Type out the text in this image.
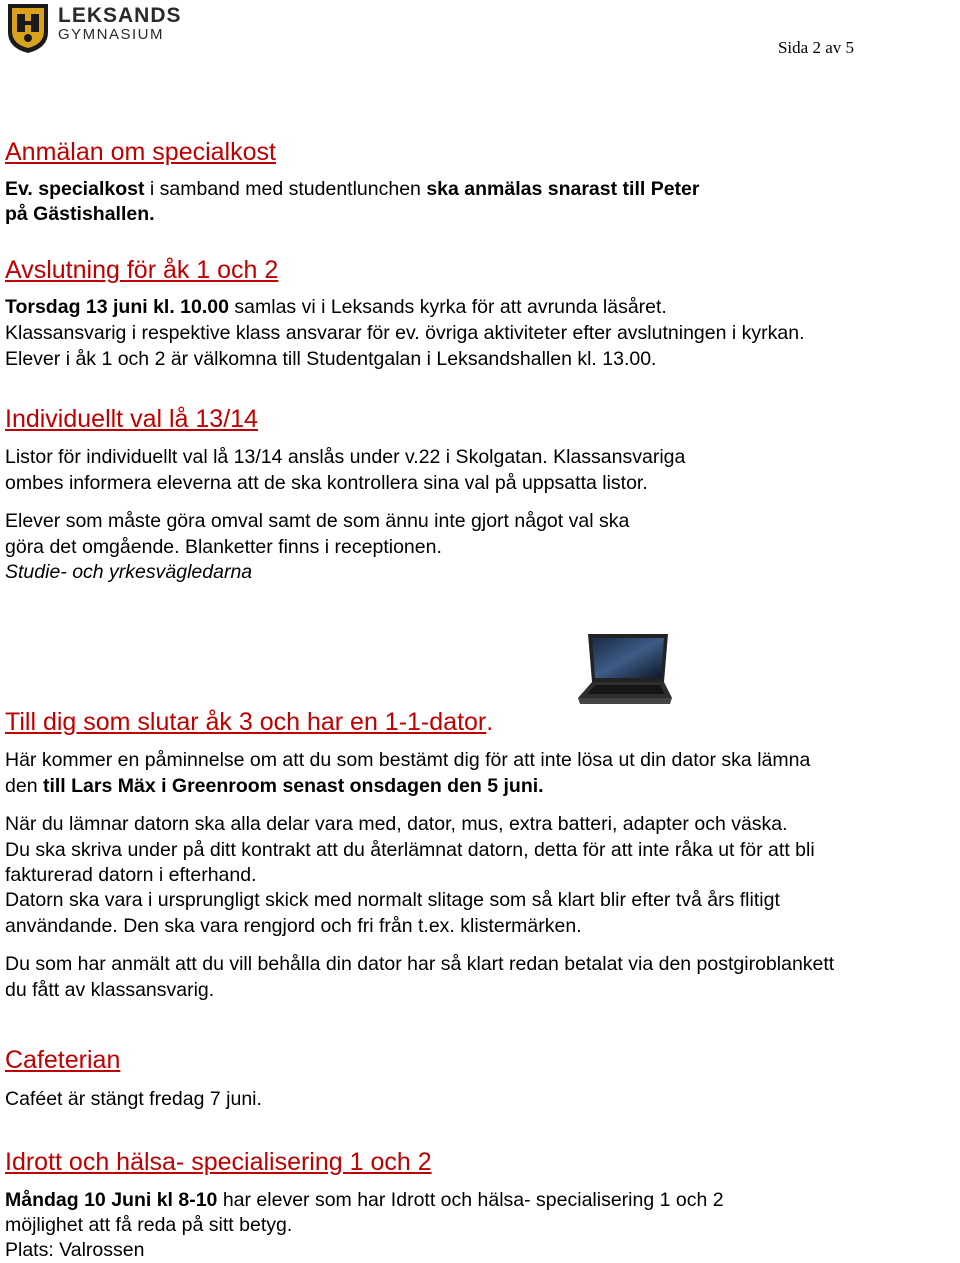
LEKSANDS
GYMNASIUM
Sida 2 av 5
Anmälan om specialkost
Ev. specialkost i samband med studentlunchen ska anmälas snarast till Peter
på Gästishallen.
Avslutning för åk 1 och 2
Torsdag 13 juni kl. 10.00 samlas vi i Leksands kyrka för att avrunda läsåret.
Klassansvarig i respektive klass ansvarar för ev. övriga aktiviteter efter avslutningen i kyrkan.
Elever i åk 1 och 2 är välkomna till Studentgalan i Leksandshallen kl. 13.00.
Individuellt val lå 13/14
Listor för individuellt val lå 13/14 anslås under v.22 i Skolgatan. Klassansvariga
ombes informera eleverna att de ska kontrollera sina val på uppsatta listor.
Elever som måste göra omval samt de som ännu inte gjort något val ska
göra det omgående. Blanketter finns i receptionen.
Studie- och yrkesvägledarna
Till dig som slutar åk 3 och har en 1-1-dator.
Här kommer en påminnelse om att du som bestämt dig för att inte lösa ut din dator ska lämna
den till Lars Mäx i Greenroom senast onsdagen den 5 juni.
När du lämnar datorn ska alla delar vara med, dator, mus, extra batteri, adapter och väska.
Du ska skriva under på ditt kontrakt att du återlämnat datorn, detta för att inte råka ut för att bli
fakturerad datorn i efterhand.
Datorn ska vara i ursprungligt skick med normalt slitage som så klart blir efter två års flitigt
användande. Den ska vara rengjord och fri från t.ex. klistermärken.
Du som har anmält att du vill behålla din dator har så klart redan betalat via den postgiroblankett
du fått av klassansvarig.
Cafeterian
Caféet är stängt fredag 7 juni.
Idrott och hälsa- specialisering 1 och 2
Måndag 10 Juni kl 8-10 har elever som har Idrott och hälsa- specialisering 1 och 2
möjlighet att få reda på sitt betyg.
Plats: Valrossen
